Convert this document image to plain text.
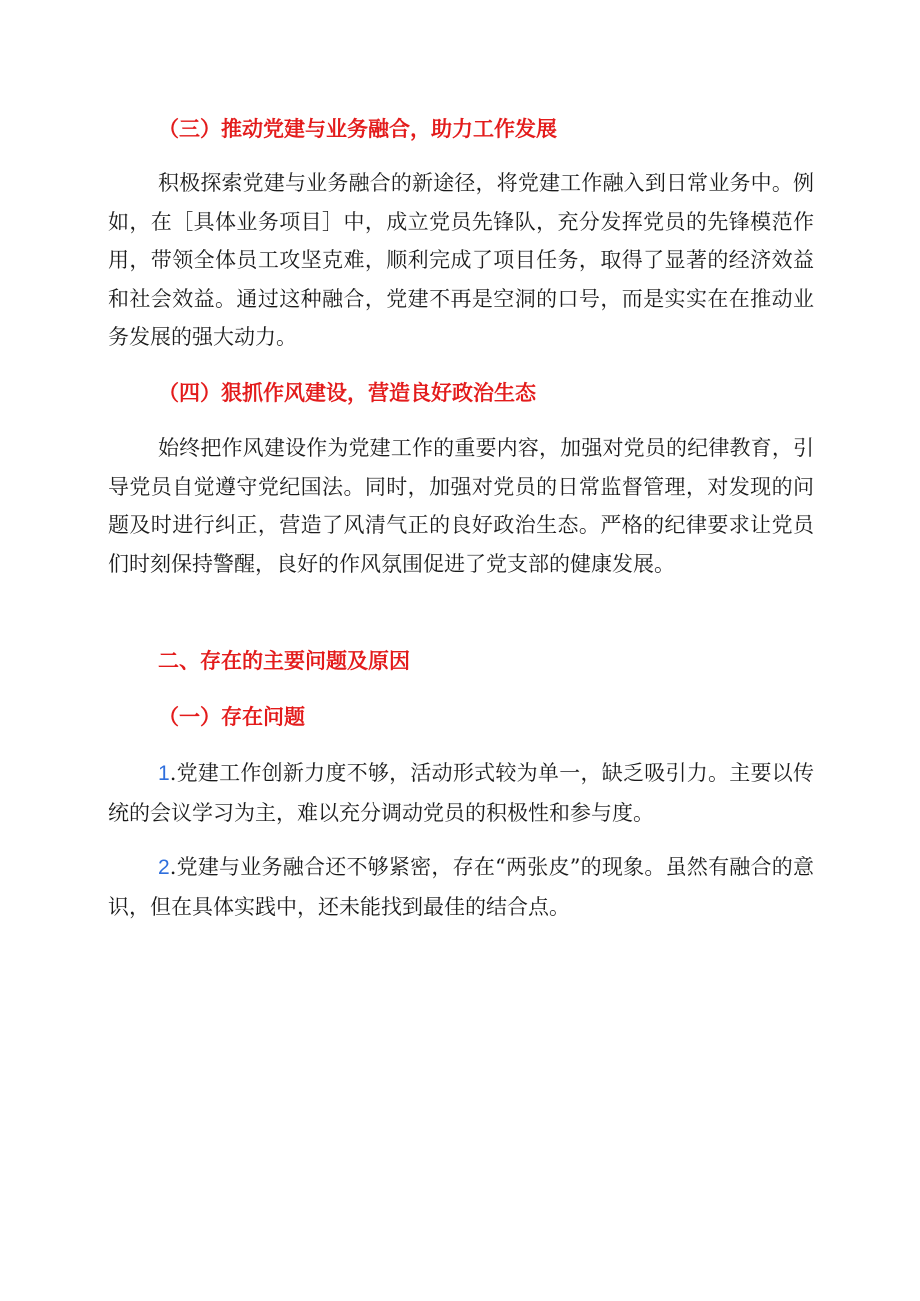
（三）推动党建与业务融合，助力工作发展

积极探索党建与业务融合的新途径，将党建工作融入到日常业务中。例如，在［具体业务项目］中，成立党员先锋队，充分发挥党员的先锋模范作用，带领全体员工攻坚克难，顺利完成了项目任务，取得了显著的经济效益和社会效益。通过这种融合，党建不再是空洞的口号，而是实实在在推动业务发展的强大动力。

（四）狠抓作风建设，营造良好政治生态

始终把作风建设作为党建工作的重要内容，加强对党员的纪律教育，引导党员自觉遵守党纪国法。同时，加强对党员的日常监督管理，对发现的问题及时进行纠正，营造了风清气正的良好政治生态。严格的纪律要求让党员们时刻保持警醒，良好的作风氛围促进了党支部的健康发展。

二、存在的主要问题及原因
（一）存在问题

1.党建工作创新力度不够，活动形式较为单一，缺乏吸引力。主要以传统的会议学习为主，难以充分调动党员的积极性和参与度。

2.党建与业务融合还不够紧密，存在“两张皮”的现象。虽然有融合的意识，但在具体实践中，还未能找到最佳的结合点。
